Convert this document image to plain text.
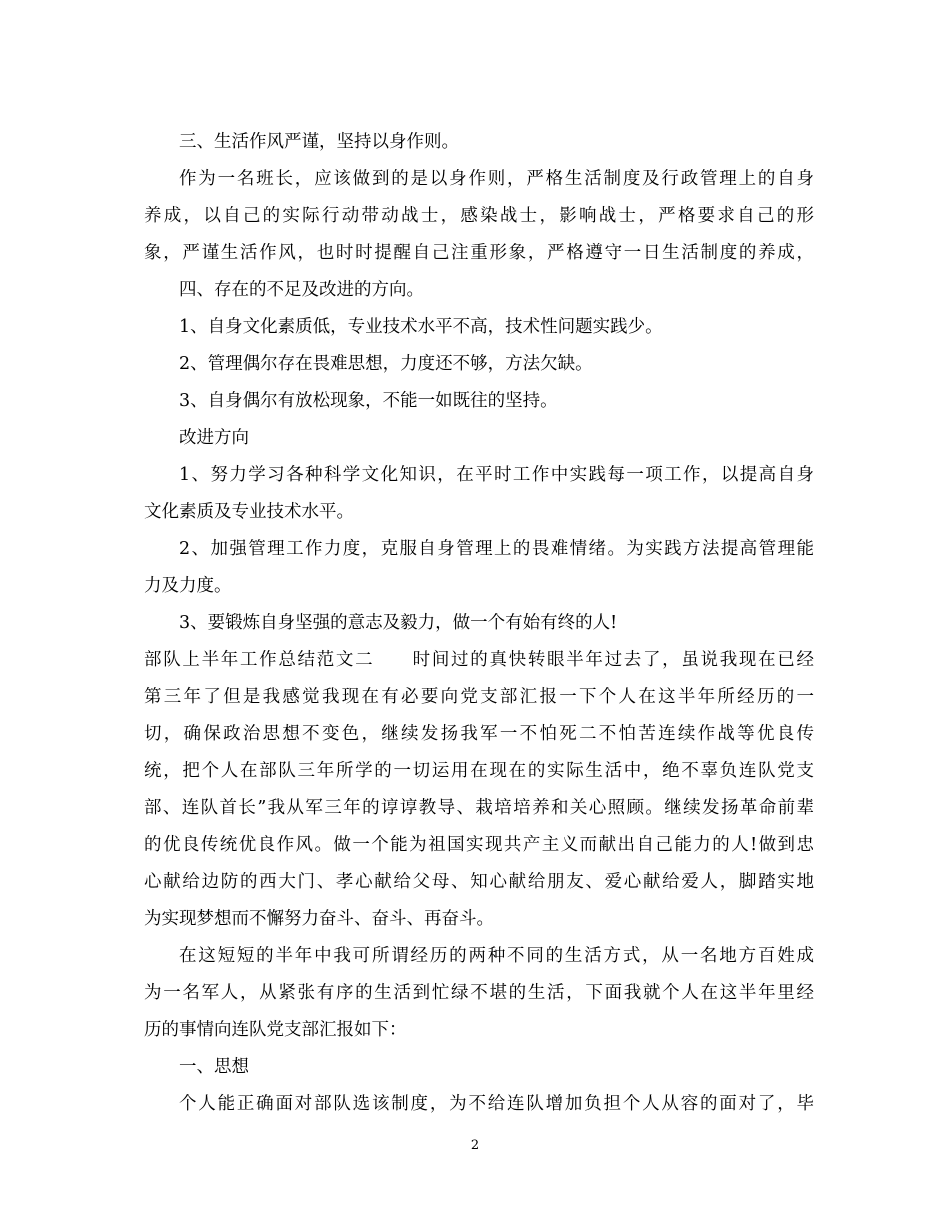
三、生活作风严谨，坚持以身作则。
作为一名班长，应该做到的是以身作则，严格生活制度及行政管理上的自身
养成，以自己的实际行动带动战士，感染战士，影响战士，严格要求自己的形
象，严谨生活作风，也时时提醒自己注重形象，严格遵守一日生活制度的养成，
四、存在的不足及改进的方向。
1、自身文化素质低，专业技术水平不高，技术性问题实践少。
2、管理偶尔存在畏难思想，力度还不够，方法欠缺。
3、自身偶尔有放松现象，不能一如既往的坚持。
改进方向
1、努力学习各种科学文化知识，在平时工作中实践每一项工作，以提高自身
文化素质及专业技术水平。
2、加强管理工作力度，克服自身管理上的畏难情绪。为实践方法提高管理能
力及力度。
3、要锻炼自身坚强的意志及毅力，做一个有始有终的人!
部队上半年工作总结范文二　　时间过的真快转眼半年过去了，虽说我现在已经
第三年了但是我感觉我现在有必要向党支部汇报一下个人在这半年所经历的一
切，确保政治思想不变色，继续发扬我军一不怕死二不怕苦连续作战等优良传
统，把个人在部队三年所学的一切运用在现在的实际生活中，绝不辜负连队党支
部、连队首长”我从军三年的谆谆教导、栽培培养和关心照顾。继续发扬革命前辈
的优良传统优良作风。做一个能为祖国实现共产主义而献出自己能力的人!做到忠
心献给边防的西大门、孝心献给父母、知心献给朋友、爱心献给爱人，脚踏实地
为实现梦想而不懈努力奋斗、奋斗、再奋斗。
在这短短的半年中我可所谓经历的两种不同的生活方式，从一名地方百姓成
为一名军人，从紧张有序的生活到忙绿不堪的生活，下面我就个人在这半年里经
历的事情向连队党支部汇报如下：
一、思想
个人能正确面对部队选该制度，为不给连队增加负担个人从容的面对了，毕
2
